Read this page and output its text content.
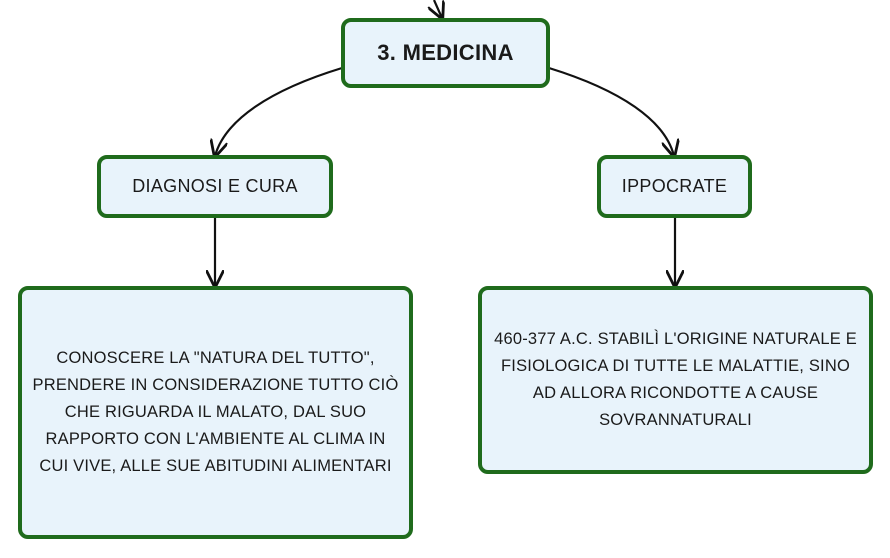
3. MEDICINA
DIAGNOSI E CURA	IPPOCRATE
CONOSCERE LA "NATURA DEL TUTTO", PRENDERE IN CONSIDERAZIONE TUTTO CIÒ CHE RIGUARDA IL MALATO, DAL SUO RAPPORTO CON L'AMBIENTE AL CLIMA IN CUI VIVE, ALLE SUE ABITUDINI ALIMENTARI
460-377 A.C. STABILÌ L'ORIGINE NATURALE E FISIOLOGICA DI TUTTE LE MALATTIE, SINO AD ALLORA RICONDOTTE A CAUSE SOVRANNATURALI
